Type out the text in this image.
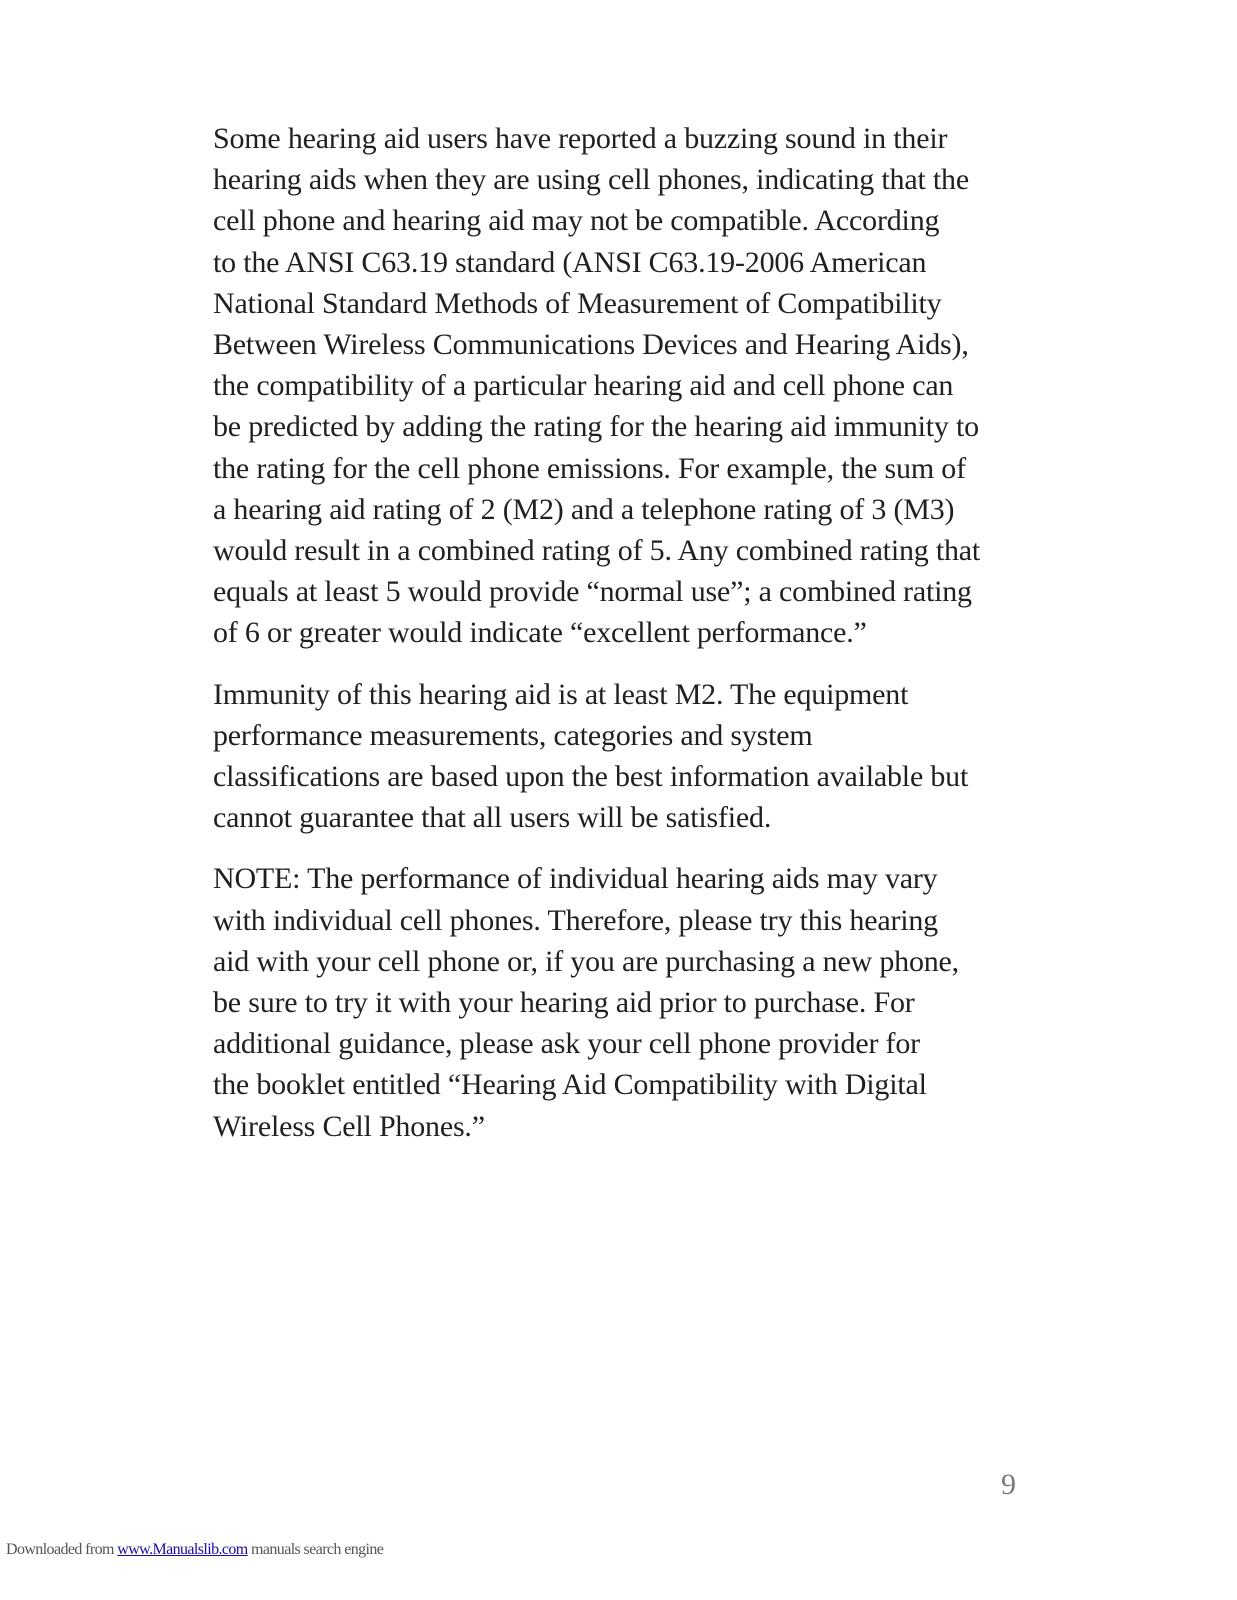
Some hearing aid users have reported a buzzing sound in their
hearing aids when they are using cell phones, indicating that the
cell phone and hearing aid may not be compatible. According
to the ANSI C63.19 standard (ANSI C63.19-2006 American
National Standard Methods of Measurement of Compatibility
Between Wireless Communications Devices and Hearing Aids),
the compatibility of a particular hearing aid and cell phone can
be predicted by adding the rating for the hearing aid immunity to
the rating for the cell phone emissions. For example, the sum of
a hearing aid rating of 2 (M2) and a telephone rating of 3 (M3)
would result in a combined rating of 5. Any combined rating that
equals at least 5 would provide “normal use”; a combined rating
of 6 or greater would indicate “excellent performance.”

Immunity of this hearing aid is at least M2. The equipment
performance measurements, categories and system
classifications are based upon the best information available but
cannot guarantee that all users will be satisfied.

NOTE: The performance of individual hearing aids may vary
with individual cell phones. Therefore, please try this hearing
aid with your cell phone or, if you are purchasing a new phone,
be sure to try it with your hearing aid prior to purchase. For
additional guidance, please ask your cell phone provider for
the booklet entitled “Hearing Aid Compatibility with Digital
Wireless Cell Phones.”

9
Downloaded from www.Manualslib.com manuals search engine
